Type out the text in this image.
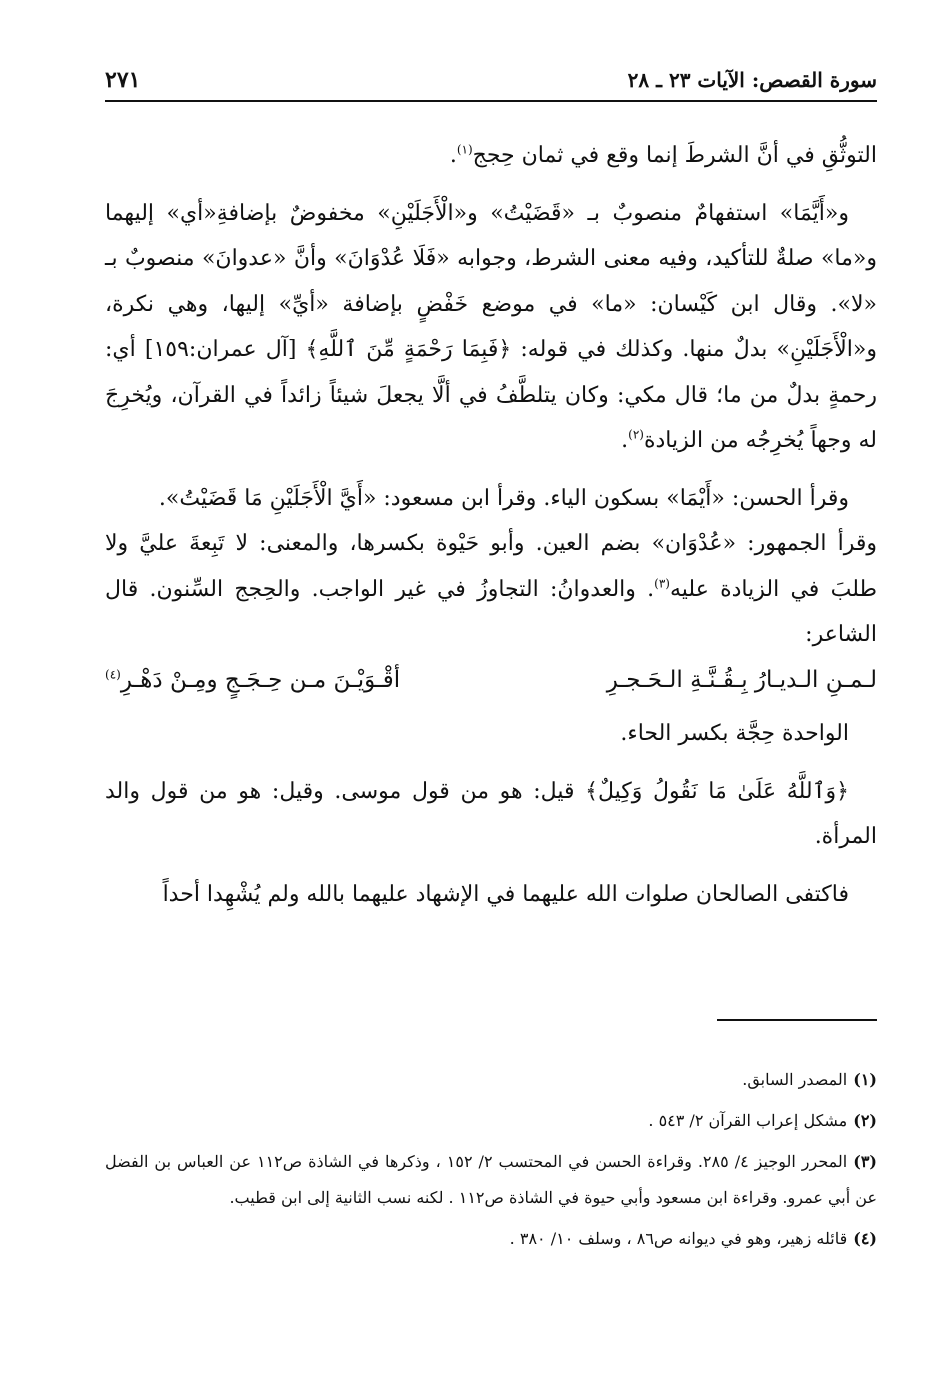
سورة القصص: الآيات ٢٣ ـ ٢٨
٢٧١

التوثُّقِ في أنَّ الشرطَ إنما وقع في ثمان حِجج$^{(١)}$.

و«أَيَّمَا» استفهامٌ منصوبٌ بـ «قَضَيْتُ» و«الْأَجَلَيْنِ» مخفوضٌ بإضافةِ«أي» إليهما و«ما» صلةٌ للتأكيد، وفيه معنى الشرط، وجوابه «فَلَا عُدْوَانَ» وأنَّ «عدوانَ» منصوبٌ بـ «لا». وقال ابن كَيْسان: «ما» في موضع خَفْضٍ بإضافة «أيِّ» إليها، وهي نكرة، و«الْأَجَلَيْنِ» بدلٌ منها. وكذلك في قوله: ﴿فَبِمَا رَحْمَةٍ مِّنَ ٱللَّهِ﴾ [آل عمران:١٥٩] أي: رحمةٍ بدلٌ من ما؛ قال مكي: وكان يتلطَّفُ في ألَّا يجعلَ شيئاً زائداً في القرآن، ويُخرِجَ له وجهاً يُخرِجُه من الزيادة$^{(٢)}$.

وقرأ الحسن: «أَيْمَا» بسكون الياء. وقرأ ابن مسعود: «أَيَّ الْأَجَلَيْنِ مَا قَضَيْتُ».

وقرأ الجمهور: «عُدْوَان» بضم العين. وأبو حَيْوة بكسرها، والمعنى: لا تَبِعةَ عليَّ ولا طلبَ في الزيادة عليه$^{(٣)}$. والعدوانُ: التجاوزُ في غير الواجب. والحِجج السِّنون. قال الشاعر:

لـمـنِ الـديـارُ بِـقُـنَّـةِ الـحَـجـرِ
أقْـوَيْـنَ مـن حِـجَـجٍ ومِـنْ دَهْـرِ$^{(٤)}$

الواحدة حِجَّة بكسر الحاء.

﴿وَٱللَّهُ عَلَىٰ مَا نَقُولُ وَكِيلٌ﴾ قيل: هو من قول موسى. وقيل: هو من قول والد المرأة.

فاكتفى الصالحان صلوات الله عليهما في الإشهاد عليهما بالله ولم يُشْهِدا أحداً

(١)المصدر السابق.

(٢)مشكل إعراب القرآن ٢/ ٥٤٣ .

(٣)المحرر الوجيز ٤/ ٢٨٥. وقراءة الحسن في المحتسب ٢/ ١٥٢ ، وذكرها في الشاذة ص١١٢ عن العباس بن الفضل عن أبي عمرو. وقراءة ابن مسعود وأبي حيوة في الشاذة ص١١٢ . لكنه نسب الثانية إلى ابن قطيب.

(٤)قائله زهير، وهو في ديوانه ص٨٦ ، وسلف ١٠/ ٣٨٠ .
